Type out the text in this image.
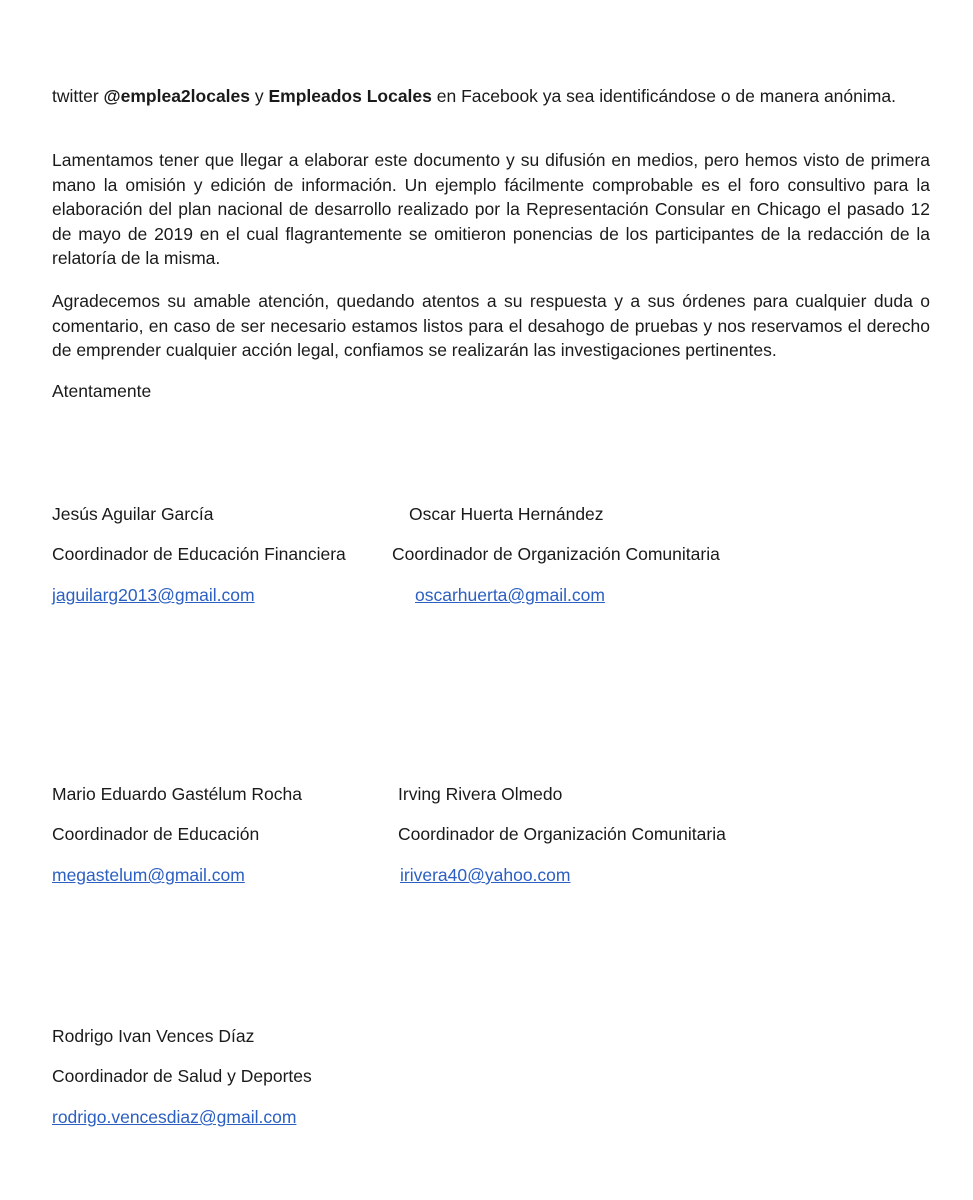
twitter @emplea2locales y Empleados Locales en Facebook ya sea identificándose o de manera anónima.

Lamentamos tener que llegar a elaborar este documento y su difusión en medios, pero hemos visto de primera mano la omisión y edición de información. Un ejemplo fácilmente comprobable es el foro consultivo para la elaboración del plan nacional de desarrollo realizado por la Representación Consular en Chicago el pasado 12 de mayo de 2019 en el cual flagrantemente se omitieron ponencias de los participantes de la redacción de la relatoría de la misma.

Agradecemos su amable atención, quedando atentos a su respuesta y a sus órdenes para cualquier duda o comentario, en caso de ser necesario estamos listos para el desahogo de pruebas y nos reservamos el derecho de emprender cualquier acción legal, confiamos se realizarán las investigaciones pertinentes.

Atentamente
Jesús Aguilar García
Coordinador de Educación Financiera
jaguilarg2013@gmail.com
Oscar Huerta Hernández
Coordinador de Organización Comunitaria
oscarhuerta@gmail.com
Mario Eduardo Gastélum Rocha
Coordinador de Educación
megastelum@gmail.com
Irving Rivera Olmedo
Coordinador de Organización Comunitaria
irivera40@yahoo.com
Rodrigo Ivan Vences Díaz
Coordinador de Salud y Deportes
rodrigo.vencesdiaz@gmail.com
